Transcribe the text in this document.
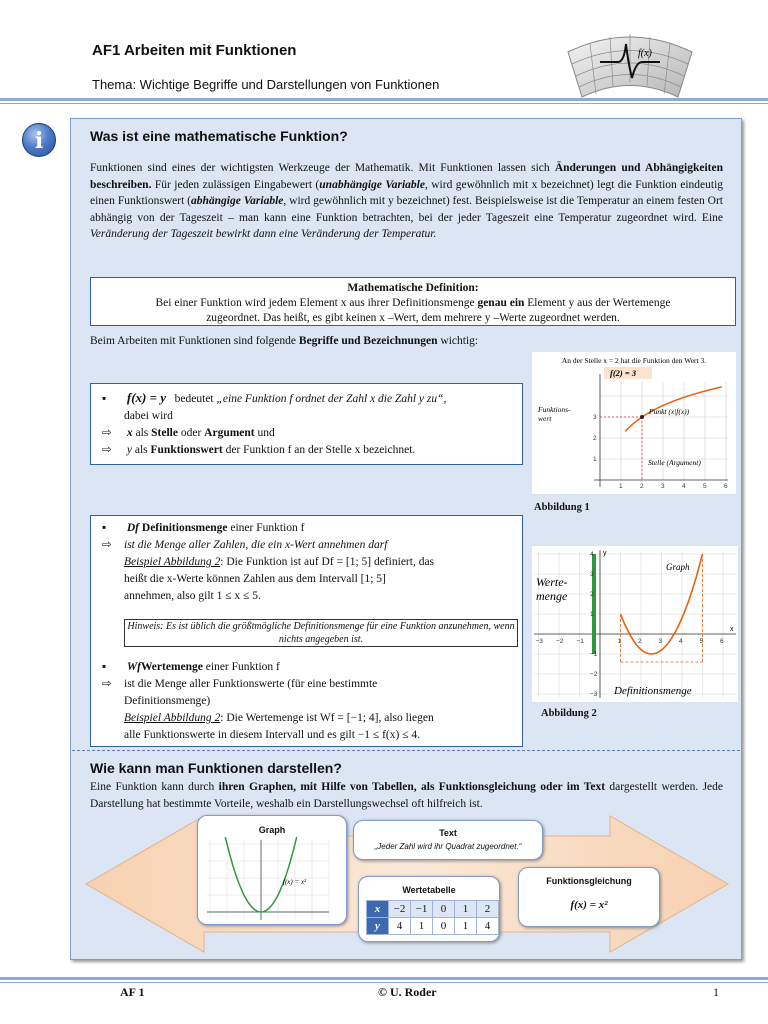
AF1 Arbeiten mit Funktionen
Thema: Wichtige Begriffe und Darstellungen von Funktionen
f(x)
i	Was ist eine mathematische Funktion?
Funktionen sind eines der wichtigsten Werkzeuge der Mathematik. Mit Funktionen lassen sich Änderungen und Abhängigkeiten beschreiben. Für jeden zulässigen Eingabewert (unabhängige Variable, wird gewöhnlich mit x bezeichnet) legt die Funktion eindeutig einen Funktionswert (abhängige Variable, wird gewöhnlich mit y bezeichnet) fest. Beispielsweise ist die Temperatur an einem festen Ort abhängig von der Tageszeit – man kann eine Funktion betrachten, bei der jeder Tageszeit eine Temperatur zugeordnet wird. Eine Veränderung der Tageszeit bewirkt dann eine Veränderung der Temperatur.
Mathematische Definition:
Bei einer Funktion wird jedem Element x aus ihrer Definitionsmenge genau ein Element y aus der Wertemenge
zugeordnet. Das heißt, es gibt keinen x –Wert, dem mehrere y –Werte zugeordnet werden.
Beim Arbeiten mit Funktionen sind folgende Begriffe und Bezeichnungen wichtig:
▪ f(x) = y bedeutet „eine Funktion f ordnet der Zahl x die Zahl y zu“,
dabei wird
⇨ x als Stelle oder Argument und
⇨ y als Funktionswert der Funktion f an der Stelle x bezeichnet.
An der Stelle x = 2 hat die Funktion den Wert 3.
f(2) = 3
Funktions-wert
Punkt (x|f(x))
Stelle (Argument)
1	2	3	4	5	6
1
2
3
Abbildung 1
▪ Df Definitionsmenge einer Funktion f
⇨ ist die Menge aller Zahlen, die ein x-Wert annehmen darf
Beispiel Abbildung 2: Die Funktion ist auf Df = [1; 5] definiert, das
heißt die x-Werte können Zahlen aus dem Intervall [1; 5]
annehmen, also gilt 1 ≤ x ≤ 5.
Hinweis: Es ist üblich die größtmögliche Definitionsmenge für eine Funktion anzunehmen, wenn nichts angegeben ist.
▪ WfWertemenge einer Funktion f
⇨ ist die Menge aller Funktionswerte (für eine bestimmte
Definitionsmenge)
Beispiel Abbildung 2: Die Wertemenge ist Wf = [−1; 4], also liegen
alle Funktionswerte in diesem Intervall und es gilt −1 ≤ f(x) ≤ 4.
x
y
Werte-menge
Graph
Definitionsmenge
−3 −2 −1	1	2	3	4	5	6
4
3
2
1
−1
−2
−3
Abbildung 2
Wie kann man Funktionen darstellen?
Eine Funktion kann durch ihren Graphen, mit Hilfe von Tabellen, als Funktionsgleichung oder im Text dargestellt werden. Jede Darstellung hat bestimmte Vorteile, weshalb ein Darstellungswechsel oft hilfreich ist.
Graph
f(x) = x²
Text
„Jeder Zahl wird ihr Quadrat zugeordnet.“
Wertetabelle
x	−2	−1	0	1	2
y	4	1	0	1	4
Funktionsgleichung
f(x) = x²
AF 1	© U. Roder	1
